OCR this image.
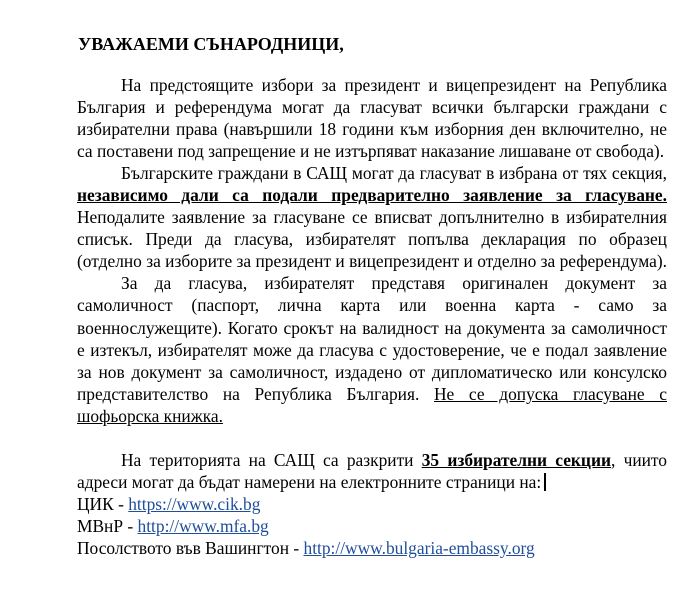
УВАЖАЕМИ СЪНАРОДНИЦИ,

На предстоящите избори за президент и вицепрезидент на Република България и референдума могат да гласуват всички български граждани с избирателни права (навършили 18 години към изборния ден включително, не са поставени под запрещение и не изтърпяват наказание лишаване от свобода).

Българските граждани в САЩ могат да гласуват в избрана от тях секция, независимо дали са подали предварително заявление за гласуване. Неподалите заявление за гласуване се вписват допълнително в избирателния списък. Преди да гласува, избирателят попълва декларация по образец (отделно за изборите за президент и вицепрезидент и отделно за референдума).

За да гласува, избирателят представя оригинален документ за самоличност (паспорт, лична карта или военна карта - само за военнослужещите). Когато срокът на валидност на документа за самоличност е изтекъл, избирателят може да гласува с удостоверение, че е подал заявление за нов документ за самоличност, издадено от дипломатическо или консулско представителство на Република България. Не се допуска гласуване с шофьорска книжка.

На територията на САЩ са разкрити 35 избирателни секции, чиито адреси могат да бъдат намерени на електронните страници на:

ЦИК - https://www.cik.bg

МВнР - http://www.mfa.bg

Посолството във Вашингтон - http://www.bulgaria-embassy.org
